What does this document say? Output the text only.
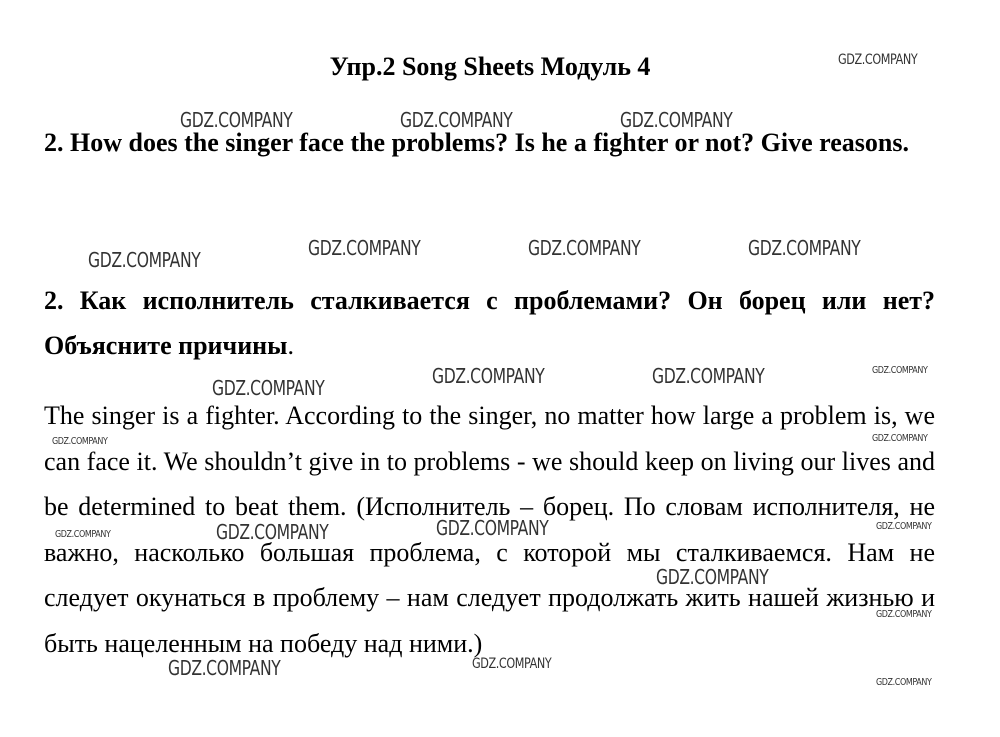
Упр.2 Song Sheets Модуль 4

2. How does the singer face the problems? Is he a fighter or not? Give reasons.

2. Как исполнитель сталкивается с проблемами? Он борец или нет? Объясните причины.

The singer is a fighter. According to the singer, no matter how large a problem is, we can face it. We shouldn’t give in to problems - we should keep on living our lives and be determined to beat them. (Исполнитель – борец. По словам исполнителя, не важно, насколько большая проблема, с которой мы сталкиваемся. Нам не следует окунаться в проблему – нам следует продолжать жить нашей жизнью и быть нацеленным на победу над ними.)

GDZ.COMPANY
GDZ.COMPANY	GDZ.COMPANY	GDZ.COMPANY
GDZ.COMPANY	GDZ.COMPANY	GDZ.COMPANY
GDZ.COMPANY
GDZ.COMPANY	GDZ.COMPANY	GDZ.COMPANY
GDZ.COMPANY
GDZ.COMPANY	GDZ.COMPANY
GDZ.COMPANY
GDZ.COMPANY
GDZ.COMPANY
GDZ.COMPANY
GDZ.COMPANY
GDZ.COMPANY
GDZ.COMPANY	GDZ.COMPANY
GDZ.COMPANY
